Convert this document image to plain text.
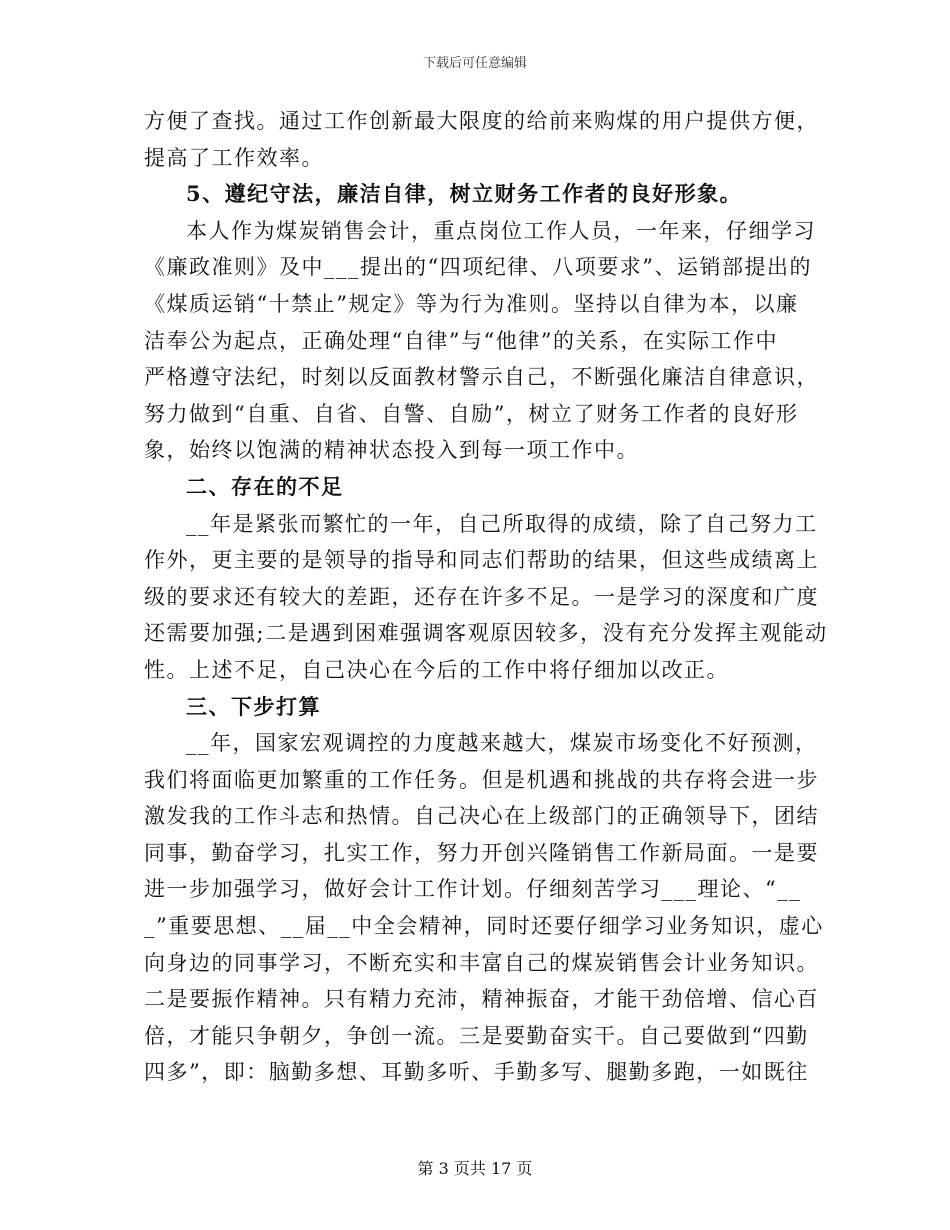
下载后可任意编辑
方便了查找。通过工作创新最大限度的给前来购煤的用户提供方便，
提高了工作效率。
5、遵纪守法，廉洁自律，树立财务工作者的良好形象。
本人作为煤炭销售会计，重点岗位工作人员，一年来，仔细学习
《廉政准则》及中___提出的“四项纪律、八项要求”、运销部提出的
《煤质运销“十禁止”规定》等为行为准则。坚持以自律为本，以廉
洁奉公为起点，正确处理“自律”与“他律”的关系，在实际工作中
严格遵守法纪，时刻以反面教材警示自己，不断强化廉洁自律意识，
努力做到“自重、自省、自警、自励”，树立了财务工作者的良好形
象，始终以饱满的精神状态投入到每一项工作中。
二、存在的不足
__年是紧张而繁忙的一年，自己所取得的成绩，除了自己努力工
作外，更主要的是领导的指导和同志们帮助的结果，但这些成绩离上
级的要求还有较大的差距，还存在许多不足。一是学习的深度和广度
还需要加强;二是遇到困难强调客观原因较多，没有充分发挥主观能动
性。上述不足，自己决心在今后的工作中将仔细加以改正。
三、下步打算
__年，国家宏观调控的力度越来越大，煤炭市场变化不好预测，
我们将面临更加繁重的工作任务。但是机遇和挑战的共存将会进一步
激发我的工作斗志和热情。自己决心在上级部门的正确领导下，团结
同事，勤奋学习，扎实工作，努力开创兴隆销售工作新局面。一是要
进一步加强学习，做好会计工作计划。仔细刻苦学习___理论、“__
_”重要思想、__届__中全会精神，同时还要仔细学习业务知识，虚心
向身边的同事学习，不断充实和丰富自己的煤炭销售会计业务知识。
二是要振作精神。只有精力充沛，精神振奋，才能干劲倍增、信心百
倍，才能只争朝夕，争创一流。三是要勤奋实干。自己要做到“四勤
四多”，即：脑勤多想、耳勤多听、手勤多写、腿勤多跑，一如既往
第 3 页共 17 页
